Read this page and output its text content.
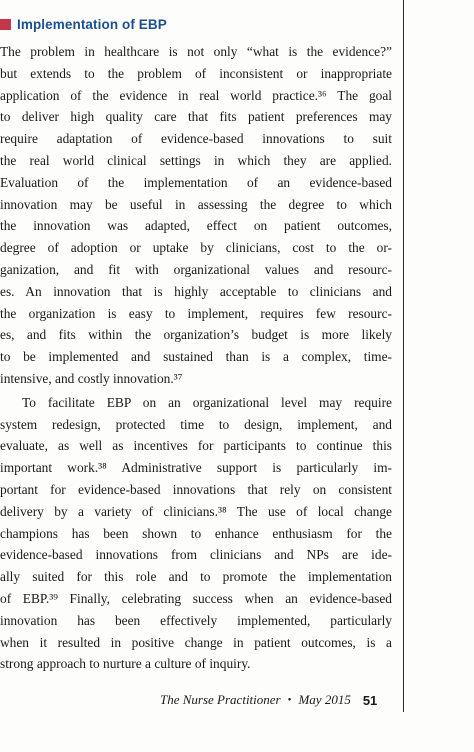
Implementation of EBP
The problem in healthcare is not only “what is the evidence?”
but extends to the problem of inconsistent or inappropriate
application of the evidence in real world practice.³⁶ The goal
to deliver high quality care that fits patient preferences may
require adaptation of evidence-based innovations to suit
the real world clinical settings in which they are applied.
Evaluation of the implementation of an evidence-based
innovation may be useful in assessing the degree to which
the innovation was adapted, effect on patient outcomes,
degree of adoption or uptake by clinicians, cost to the or-
ganization, and fit with organizational values and resourc-
es. An innovation that is highly acceptable to clinicians and
the organization is easy to implement, requires few resourc-
es, and fits within the organization’s budget is more likely
to be implemented and sustained than is a complex, time-
intensive, and costly innovation.³⁷
To facilitate EBP on an organizational level may require
system redesign, protected time to design, implement, and
evaluate, as well as incentives for participants to continue this
important work.³⁸ Administrative support is particularly im-
portant for evidence-based innovations that rely on consistent
delivery by a variety of clinicians.³⁸ The use of local change
champions has been shown to enhance enthusiasm for the
evidence-based innovations from clinicians and NPs are ide-
ally suited for this role and to promote the implementation
of EBP.³⁹ Finally, celebrating success when an evidence-based
innovation has been effectively implemented, particularly
when it resulted in positive change in patient outcomes, is a
strong approach to nurture a culture of inquiry.
The Nurse Practitioner • May 2015 51
